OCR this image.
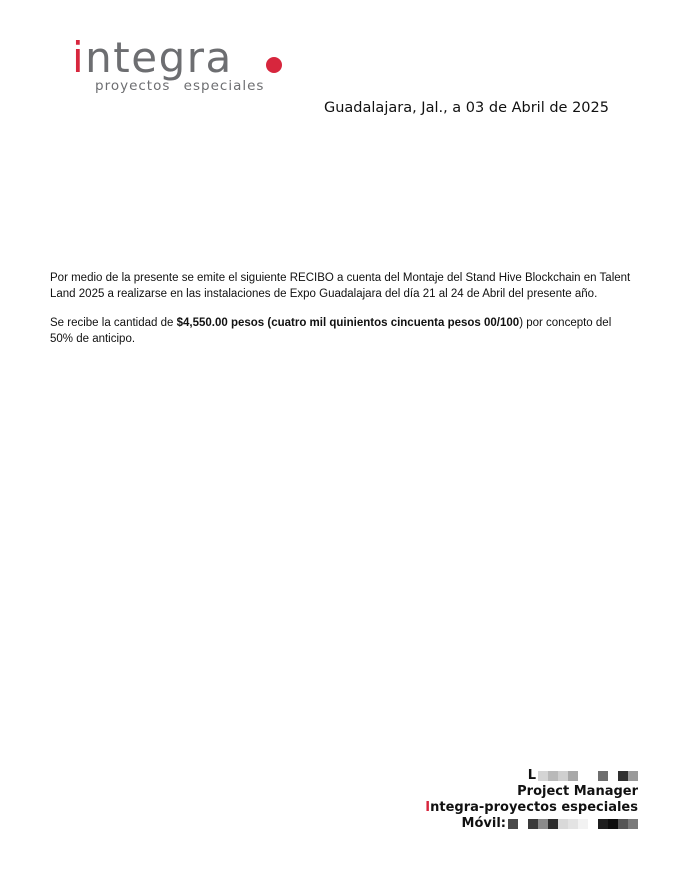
integra
proyectos especiales
Guadalajara, Jal., a 03 de Abril de 2025

Por medio de la presente se emite el siguiente RECIBO a cuenta del Montaje del Stand Hive Blockchain en Talent Land 2025 a realizarse en las instalaciones de Expo Guadalajara del día 21 al 24 de Abril del presente año.

Se recibe la cantidad de $4,550.00 pesos (cuatro mil quinientos cincuenta pesos 00/100) por concepto del 50% de anticipo.

L
Project Manager
I ntegra-proyectos especiales
Móvil:
